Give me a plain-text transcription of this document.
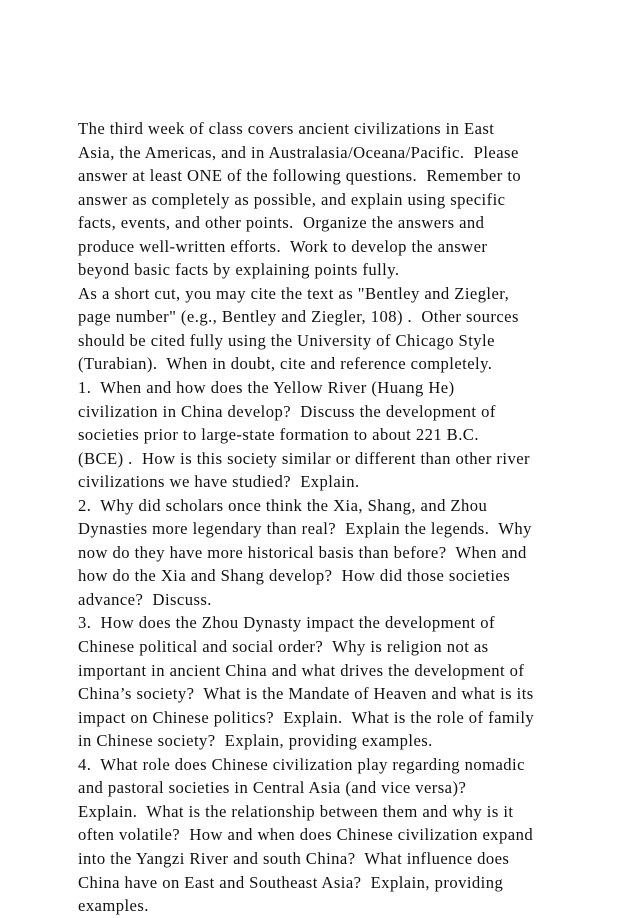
The third week of class covers ancient civilizations in East
Asia, the Americas, and in Australasia/Oceana/Pacific.  Please
answer at least ONE of the following questions.  Remember to
answer as completely as possible, and explain using specific
facts, events, and other points.  Organize the answers and
produce well-written efforts.  Work to develop the answer
beyond basic facts by explaining points fully.
As a short cut, you may cite the text as "Bentley and Ziegler,
page number" (e.g., Bentley and Ziegler, 108) .  Other sources
should be cited fully using the University of Chicago Style
(Turabian).  When in doubt, cite and reference completely.
1.  When and how does the Yellow River (Huang He)
civilization in China develop?  Discuss the development of
societies prior to large-state formation to about 221 B.C.
(BCE) .  How is this society similar or different than other river
civilizations we have studied?  Explain.
2.  Why did scholars once think the Xia, Shang, and Zhou
Dynasties more legendary than real?  Explain the legends.  Why
now do they have more historical basis than before?  When and
how do the Xia and Shang develop?  How did those societies
advance?  Discuss.
3.  How does the Zhou Dynasty impact the development of
Chinese political and social order?  Why is religion not as
important in ancient China and what drives the development of
China’s society?  What is the Mandate of Heaven and what is its
impact on Chinese politics?  Explain.  What is the role of family
in Chinese society?  Explain, providing examples.
4.  What role does Chinese civilization play regarding nomadic
and pastoral societies in Central Asia (and vice versa)?
Explain.  What is the relationship between them and why is it
often volatile?  How and when does Chinese civilization expand
into the Yangzi River and south China?  What influence does
China have on East and Southeast Asia?  Explain, providing
examples.
